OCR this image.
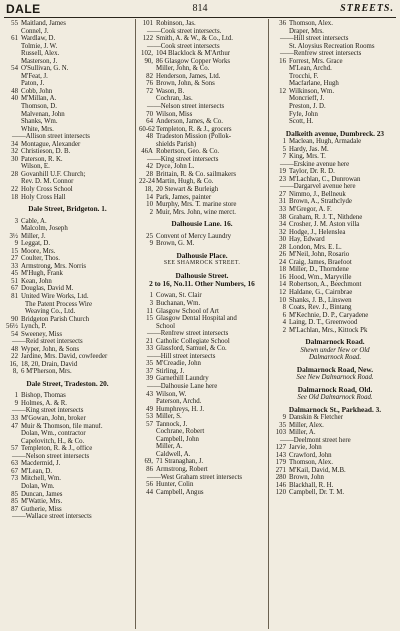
DALE	814	STREETS.
55 Maitland, James
Connel, J.
61 Wardlaw, D.
Tolmie, J. W.
Russell, Alex.
Masterson, J.
54 O'Sullivan, G. N.
M'Feat, J.
Paton, J.
48 Cobb, John
40 M'Millan, A.
Thomson, D.
Malvenan, John
Shanks, Wm.
White, Mrs.
——Allison street intersects
34 Montague, Alexander
32 Christieson, D. B.
30 Paterson, R. K.
Wilson, E.
28 Govanhill U.F. Church;
Rev. D. M. Connor
22 Holy Cross School
18 Holy Cross Hall
Dale Street, Bridgeton. 1.
3 Cable, A.
Malcolm, Joseph
3½ Miller, J.
9 Leggat, D.
15 Moore, Mrs.
27 Coulter, Thos.
33 Armstrong, Mrs. Norris
45 M'Hugh, Frank
51 Kean, John
67 Douglas, David M.
81 United Wire Works, Ltd.
The Patent Process Wire
Weaving Co., Ltd.
90 Bridgeton Parish Church
56½ Lynch, P.
54 Sweeney, Miss
——Reid street intersects
48 Wyper, John, & Sons
22 Jardine, Mrs. David, cowfeeder
16, 18, 20, Drain, David
8, 6 M'Pherson, Mrs.
Dale Street, Tradeston. 20.
1 Bishop, Thomas
9 Holmes, A. & R.
——King street intersects
33 M'Gowan, John, broker
47 Muir & Thomson, file manuf.
Dolan, Wm., contractor
Capelovitch, H., & Co.
57 Templeton, R. & J., office
——Nelson street intersects
63 Macdermid, J.
67 M'Lean, D.
73 Mitchell, Wm.
Dolan, Wm.
85 Duncan, James
85 M'Wattie, Mrs.
87 Gutherie, Miss
——Wallace street intersects
101 Robinson, Jas.
——Cook street intersects.
122 Smith, A. & W., & Co., Ltd.
——Cook street intersects
102, 104 Blacklock & M'Arthur
90, 86 Glasgow Copper Works
Miller, John, & Co.
82 Henderson, James, Ltd.
76 Brown, John, & Sons
72 Wason, B.
Cochran, Jas.
——Nelson street intersects
70 Wilson, Miss
64 Anderson, James, & Co.
60-62Templeton, R. & J., grocers
48 Tradeston Mission (Pollok-
shields Parish)
46A Robertson, Geo. & Co.
——King street intersects
42 Dyce, John L.
28 Brittain, R. & Co. sailmakers
22-24Martin, Hugh, & Co.
18, 20 Stewart & Burleigh
14 Park, James, painter
10 Murphy, Mrs. T. marine store
2 Muir, Mrs. John, wine merct.
Dalhousie Lane. 16.
25 Convent of Mercy Laundry
9 Brown, G. M.
Dalhousie Place.
SEE SHAMROCK STREET.
Dalhousie Street.
2 to 16, No.11. Other Numbers, 16
1 Cowan, St. Clair
3 Buchanan, Wm.
11 Glasgow School of Art
15 Glasgow Dental Hospital and
School
——Renfrew street intersects
21 Catholic Collegiate School
33 Glassford, Samuel, & Co.
——Hill street intersects
35 M'Creadie, John
37 Stirling, J.
39 Garnethill Laundry
——Dalhousie Lane here
43 Wilson, W.
Paterson, Archd.
49 Humphreys, H. J.
53 Miller, S.
57 Tannock, J.
Cochrane, Robert
Campbell, John
Miller, A.
Caldwell, A.
69, 71 Stranaghan, J.
86 Armstrong, Robert
——West Graham street intersects
56 Hunter, Colin
44 Campbell, Angus
36 Thomson, Alex.
Draper, Mrs.
——Hill street intersects
St. Aloysius Recreation Rooms
——Renfrew street intersects
16 Forrest, Mrs. Grace
M'Lean, Archd.
Trocchi, F.
Macfarlane, Hugh
12 Wilkinson, Wm.
Moncrieff, J.
Preston, J. D.
Fyfe, John
Scott, H.
Dalkeith avenue, Dumbreck. 23
1 Maclean, Hugh, Armadale
5 Hardy, Jas. M.
7 King, Mrs. T.
——Erskine avenue here
19 Taylor, Dr. R. D.
23 M'Lachlan, C., Dunrowan
——Dargarvel avenue here
27 Nimmo, J., Bellneuk
31 Brown, A., Strathclyde
33 M'Gregor, A. F.
38 Graham, R. J. T., Nithdene
34 Crosher, J. M. Aston villa
32 Hodge, J., Helenslea
30 Hay, Edward
28 London, Mrs. E. L.
26 M'Neil, John, Rosario
24 Craig, James, Braefoot
18 Miller, D., Thorndene
16 Hood, Wm., Maryville
14 Robertson, A., Beechmont
12 Haldane, G., Cairnbrae
10 Shanks, J. B., Linswen
8 Coats, Rev. J., Bintang
6 M'Kechnie, D. P., Caryadene
4 Laing, D. T., Greenwood
2 M'Lachlan, Mrs., Kittock Pk
Dalmarnock Road.
Shewn under New or Old
Dalmarnock Road.
Dalmarnock Road, New.
See New Dalmarnock Road.
Dalmarnock Road, Old.
See Old Dalmarnock Road.
Dalmarnock St., Parkhead. 3.
9 Danskin & Fletcher
35 Miller, Alex.
103 Miller, A.
——Deelmont street here
127 Jarvie, John
143 Crawford, John
179 Thomson, Alex.
271 M'Kail, David, M.B.
280 Brown, John
146 Blackhall, R. H.
120 Campbell, Dr. T. M.
